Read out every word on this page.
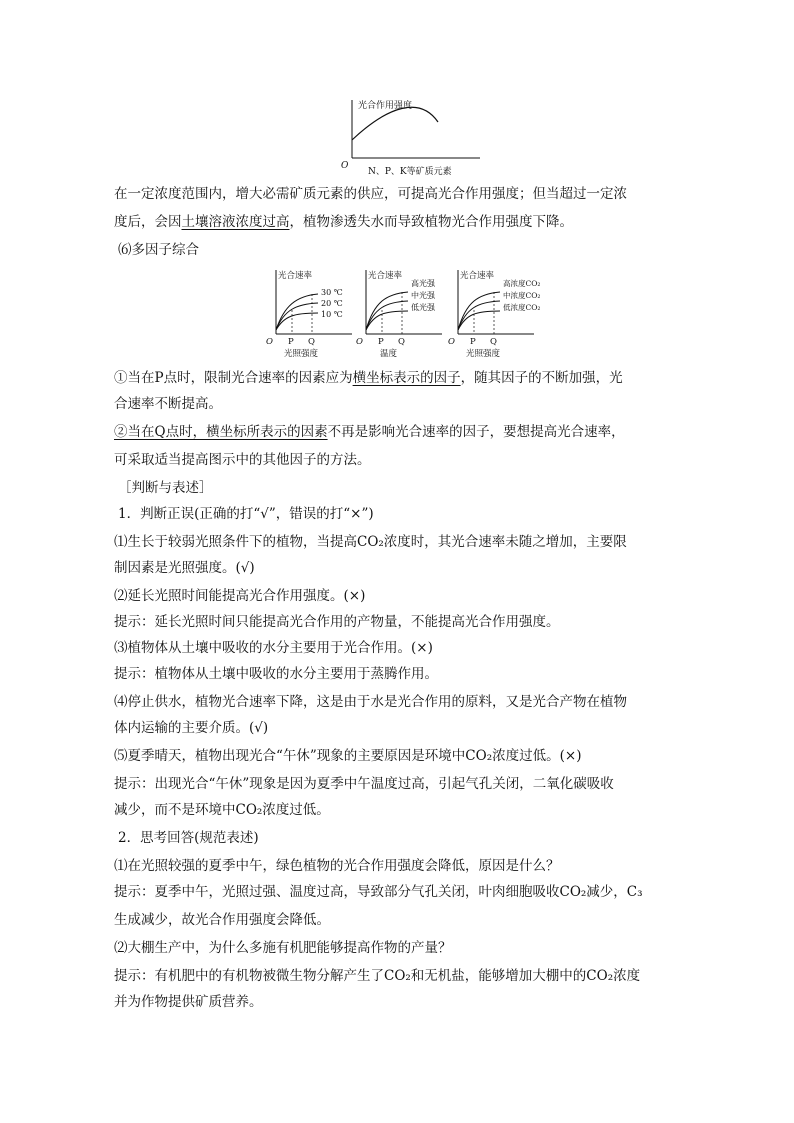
光合作用强度
O
N、P、K等矿质元素
在一定浓度范围内，增大必需矿质元素的供应，可提高光合作用强度；但当超过一定浓
度后，会因土壤溶液浓度过高，植物渗透失水而导致植物光合作用强度下降。
⑹多因子综合
光合速率
30 ℃
20 ℃
10 ℃
O P Q
光照强度
光合速率
高光强
中光强
低光强
O P Q
温度
光合速率
高浓度CO₂
中浓度CO₂
低浓度CO₂
O P Q
光照强度
①当在P点时，限制光合速率的因素应为横坐标表示的因子，随其因子的不断加强，光
合速率不断提高。
②当在Q点时，横坐标所表示的因素不再是影响光合速率的因子，要想提高光合速率，
可采取适当提高图示中的其他因子的方法。
［判断与表述］
1．判断正误(正确的打“√”，错误的打“×”)
⑴生长于较弱光照条件下的植物，当提高CO₂浓度时，其光合速率未随之增加，主要限
制因素是光照强度。(√)
⑵延长光照时间能提高光合作用强度。(×)
提示：延长光照时间只能提高光合作用的产物量，不能提高光合作用强度。
⑶植物体从土壤中吸收的水分主要用于光合作用。(×)
提示：植物体从土壤中吸收的水分主要用于蒸腾作用。
⑷停止供水，植物光合速率下降，这是由于水是光合作用的原料，又是光合产物在植物
体内运输的主要介质。(√)
⑸夏季晴天，植物出现光合“午休”现象的主要原因是环境中CO₂浓度过低。(×)
提示：出现光合“午休”现象是因为夏季中午温度过高，引起气孔关闭，二氧化碳吸收
减少，而不是环境中CO₂浓度过低。
2．思考回答(规范表述)
⑴在光照较强的夏季中午，绿色植物的光合作用强度会降低，原因是什么？
提示：夏季中午，光照过强、温度过高，导致部分气孔关闭，叶肉细胞吸收CO₂减少，C₃
生成减少，故光合作用强度会降低。
⑵大棚生产中，为什么多施有机肥能够提高作物的产量？
提示：有机肥中的有机物被微生物分解产生了CO₂和无机盐，能够增加大棚中的CO₂浓度
并为作物提供矿质营养。
